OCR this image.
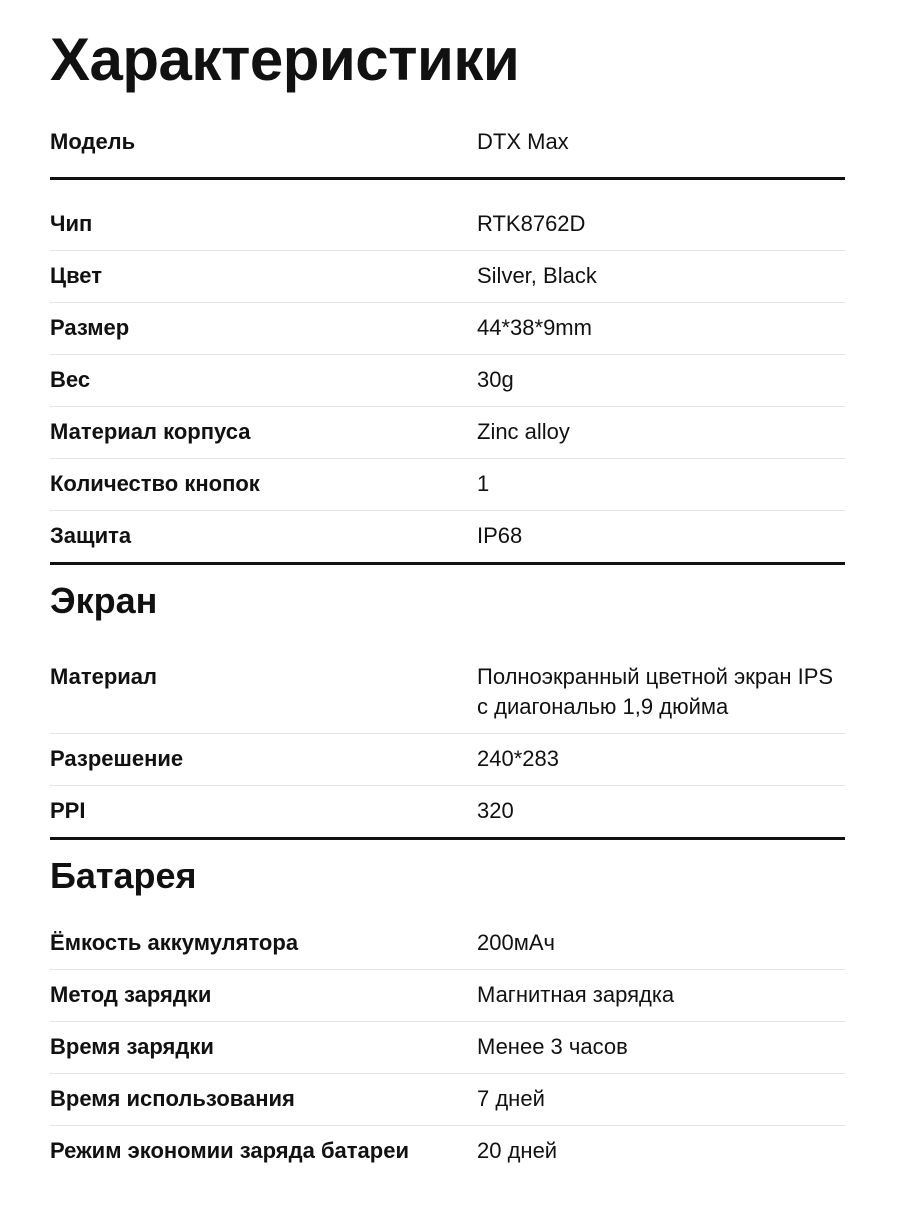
Характеристики
Модель	DTX Max
Чип	RTK8762D
Цвет	Silver, Black
Размер	44*38*9mm
Вес	30g
Материал корпуса	Zinc alloy
Количество кнопок	1
Защита	IP68
Экран
Материал	Полноэкранный цветной экран IPS с диагональю 1,9 дюйма
Разрешение	240*283
PPI	320
Батарея
Ёмкость аккумулятора	200мАч
Метод зарядки	Магнитная зарядка
Время зарядки	Менее 3 часов
Время использования	7 дней
Режим экономии заряда батареи	20 дней
